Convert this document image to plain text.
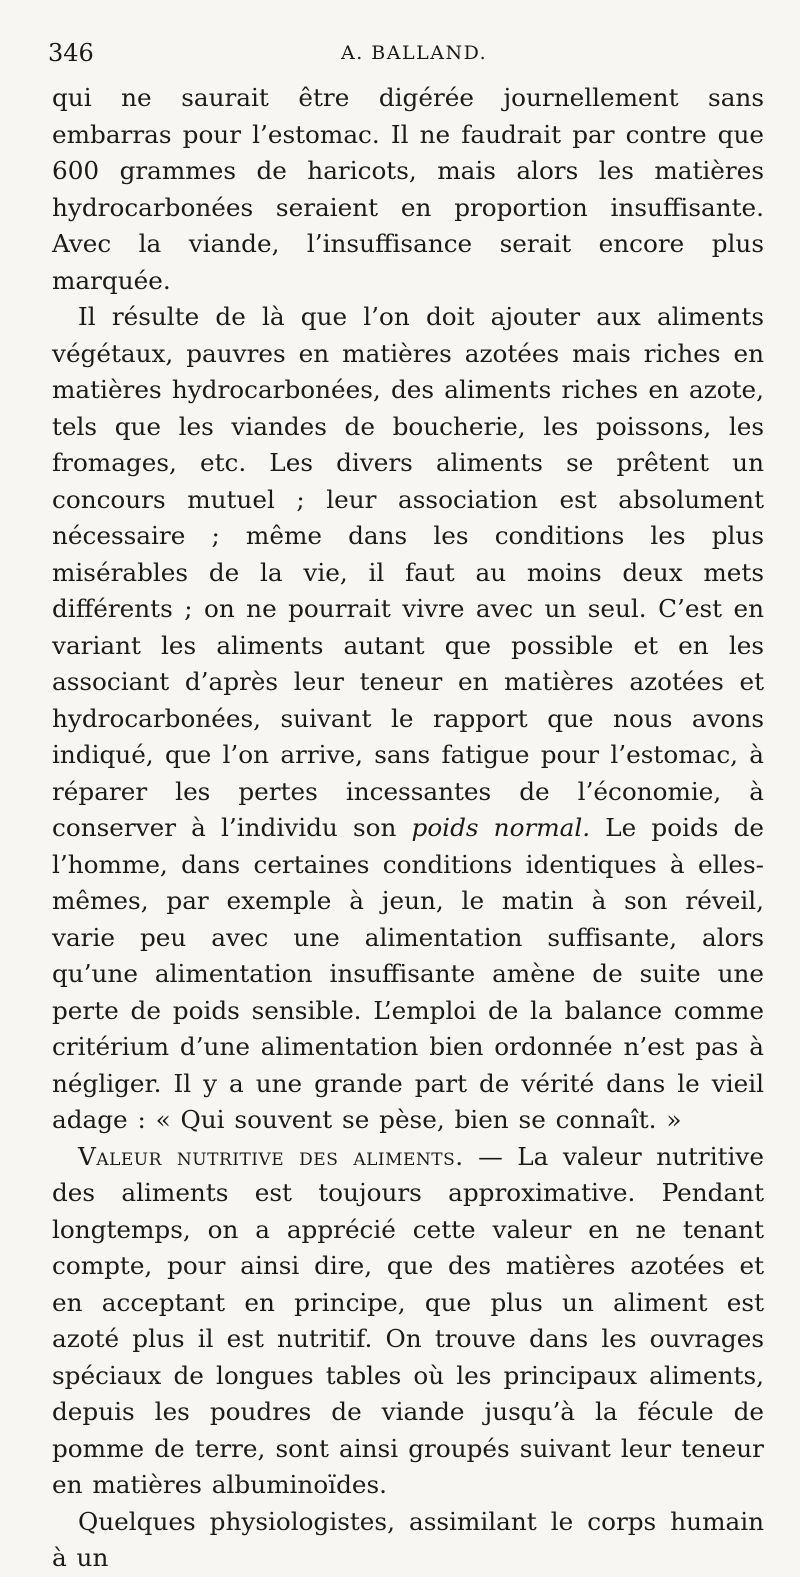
346	A. BALLAND.

qui ne saurait être digérée journellement sans embarras pour l’estomac. Il ne faudrait par contre que 600 grammes de haricots, mais alors les matières hydrocarbonées seraient en proportion insuffisante. Avec la viande, l’insuffisance serait encore plus marquée.

Il résulte de là que l’on doit ajouter aux aliments végétaux, pauvres en matières azotées mais riches en matières hydrocarbonées, des aliments riches en azote, tels que les viandes de boucherie, les poissons, les fromages, etc. Les divers aliments se prêtent un concours mutuel ; leur association est absolument nécessaire ; même dans les conditions les plus misérables de la vie, il faut au moins deux mets différents ; on ne pourrait vivre avec un seul. C’est en variant les aliments autant que possible et en les associant d’après leur teneur en matières azotées et hydrocarbonées, suivant le rapport que nous avons indiqué, que l’on arrive, sans fatigue pour l’estomac, à réparer les pertes incessantes de l’économie, à conserver à l’individu son poids normal. Le poids de l’homme, dans certaines conditions identiques à elles-mêmes, par exemple à jeun, le matin à son réveil, varie peu avec une alimentation suffisante, alors qu’une alimentation insuffisante amène de suite une perte de poids sensible. L’emploi de la balance comme critérium d’une alimentation bien ordonnée n’est pas à négliger. Il y a une grande part de vérité dans le vieil adage : « Qui souvent se pèse, bien se connaît. »

Valeur nutritive des aliments. — La valeur nutritive des aliments est toujours approximative. Pendant longtemps, on a apprécié cette valeur en ne tenant compte, pour ainsi dire, que des matières azotées et en acceptant en principe, que plus un aliment est azoté plus il est nutritif. On trouve dans les ouvrages spéciaux de longues tables où les principaux aliments, depuis les poudres de viande jusqu’à la fécule de pomme de terre, sont ainsi groupés suivant leur teneur en matières albuminoïdes.

Quelques physiologistes, assimilant le corps humain à un
